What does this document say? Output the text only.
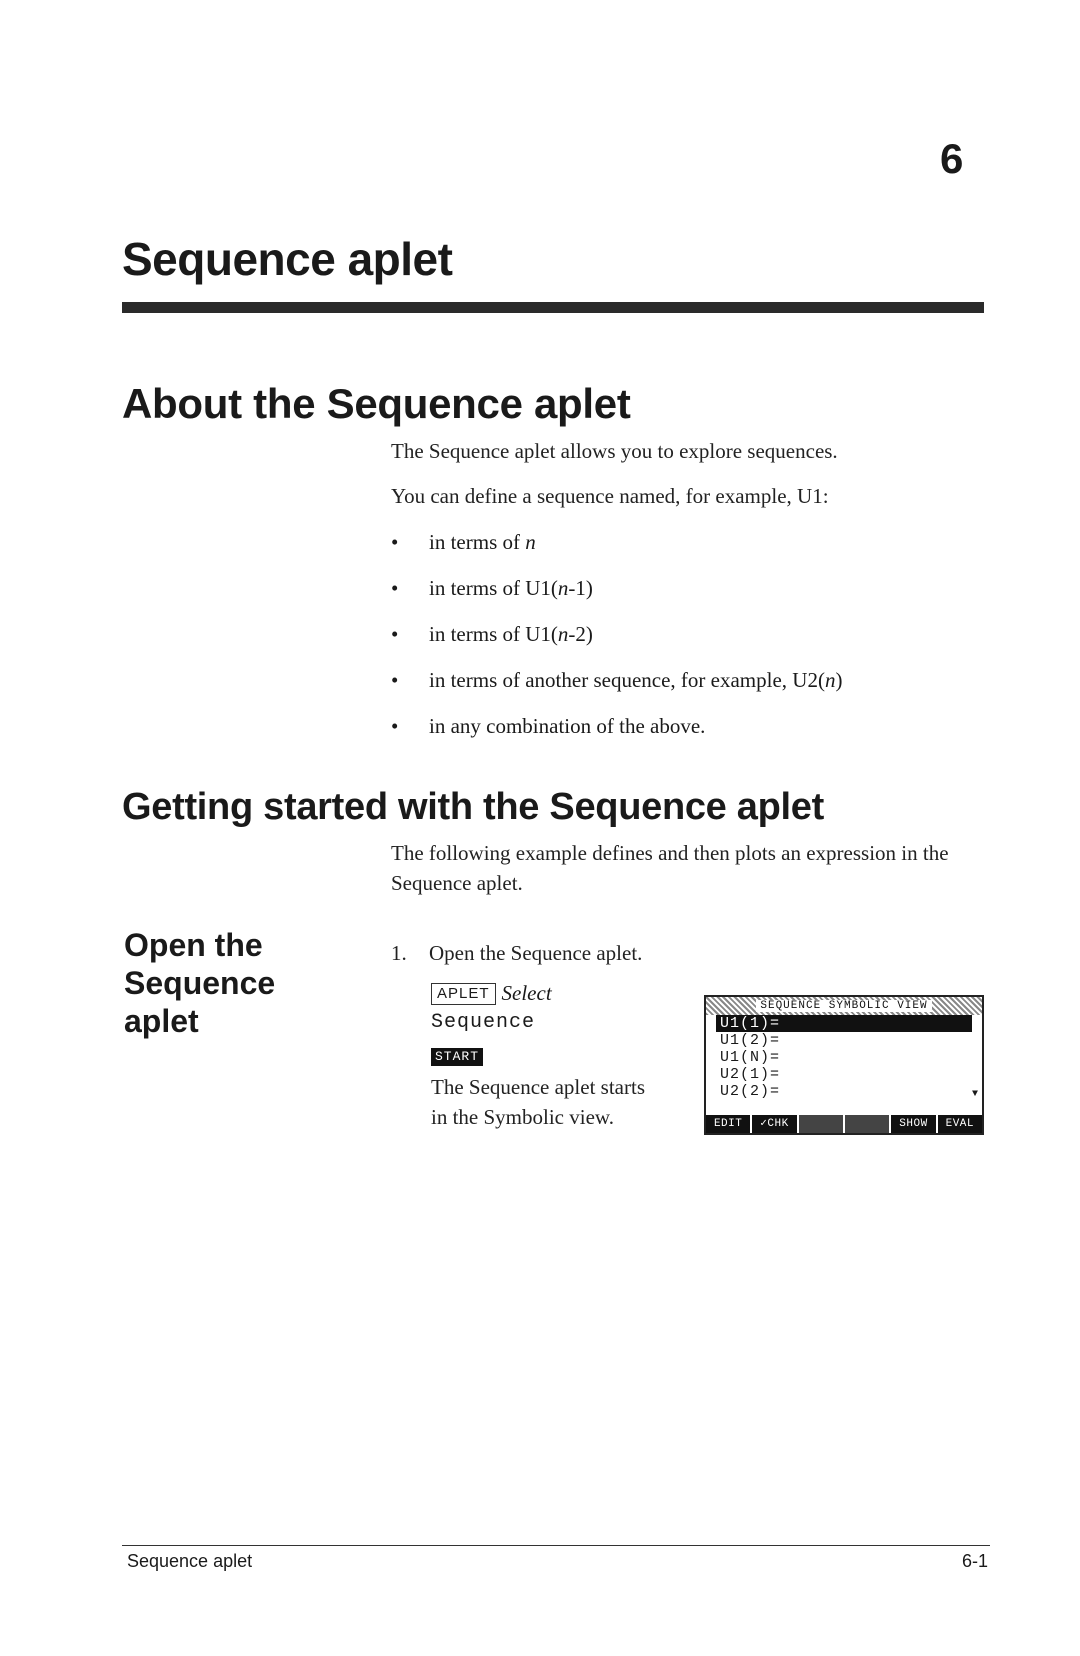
6
Sequence aplet
About the Sequence aplet
The Sequence aplet allows you to explore sequences.
You can define a sequence named, for example, U1:
• in terms of n
• in terms of U1(n-1)
• in terms of U1(n-2)
• in terms of another sequence, for example, U2(n)
• in any combination of the above.
Getting started with the Sequence aplet
The following example defines and then plots an expression in the Sequence aplet.
Open the Sequence aplet
1. Open the Sequence aplet.
APLET Select
Sequence
START
The Sequence aplet starts in the Symbolic view.
SEQUENCE SYMBOLIC VIEW
U1(1)=
U1(2)=
U1(N)=
U2(1)=
U2(2)=	▼
EDIT	✓CHK	SHOW	EVAL
Sequence aplet	6-1
